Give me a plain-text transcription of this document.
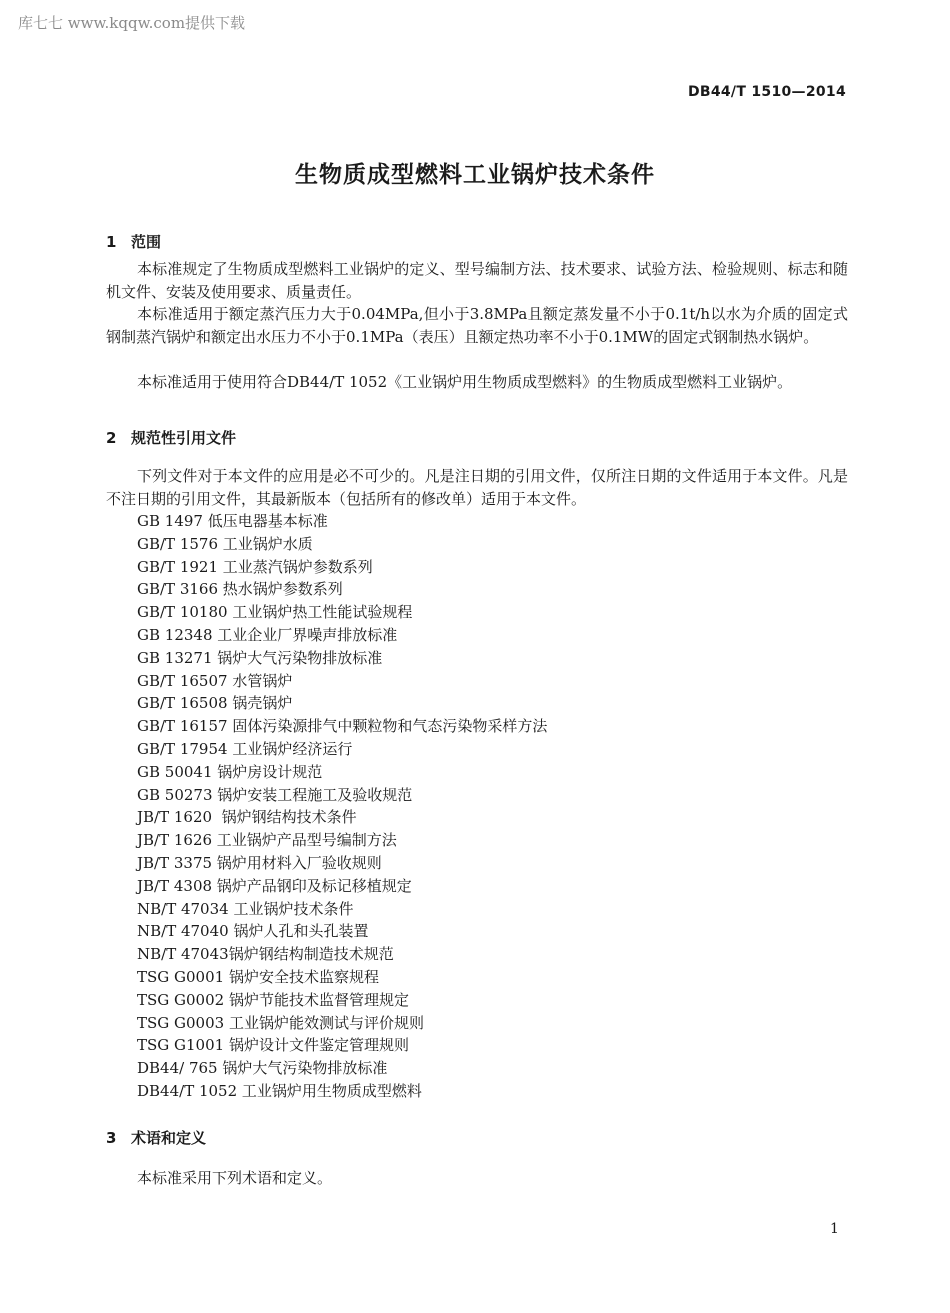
库七七 www.kqqw.com提供下载
DB44/T 1510—2014
生物质成型燃料工业锅炉技术条件
1 范围

本标准规定了生物质成型燃料工业锅炉的定义、型号编制方法、技术要求、试验方法、检验规则、标志和随机文件、安装及使用要求、质量责任。

本标准适用于额定蒸汽压力大于0.04MPa,但小于3.8MPa且额定蒸发量不小于0.1t/h以水为介质的固定式钢制蒸汽锅炉和额定出水压力不小于0.1MPa（表压）且额定热功率不小于0.1MW的固定式钢制热水锅炉。

本标准适用于使用符合DB44/T 1052《工业锅炉用生物质成型燃料》的生物质成型燃料工业锅炉。

2 规范性引用文件

下列文件对于本文件的应用是必不可少的。凡是注日期的引用文件，仅所注日期的文件适用于本文件。凡是不注日期的引用文件，其最新版本（包括所有的修改单）适用于本文件。

GB 1497 低压电器基本标准
GB/T 1576 工业锅炉水质
GB/T 1921 工业蒸汽锅炉参数系列
GB/T 3166 热水锅炉参数系列
GB/T 10180 工业锅炉热工性能试验规程
GB 12348 工业企业厂界噪声排放标准
GB 13271 锅炉大气污染物排放标准
GB/T 16507 水管锅炉
GB/T 16508 锅壳锅炉
GB/T 16157 固体污染源排气中颗粒物和气态污染物采样方法
GB/T 17954 工业锅炉经济运行
GB 50041 锅炉房设计规范
GB 50273 锅炉安装工程施工及验收规范
JB/T 1620  锅炉钢结构技术条件
JB/T 1626 工业锅炉产品型号编制方法
JB/T 3375 锅炉用材料入厂验收规则
JB/T 4308 锅炉产品钢印及标记移植规定
NB/T 47034 工业锅炉技术条件
NB/T 47040 锅炉人孔和头孔装置
NB/T 47043锅炉钢结构制造技术规范
TSG G0001 锅炉安全技术监察规程
TSG G0002 锅炉节能技术监督管理规定
TSG G0003 工业锅炉能效测试与评价规则
TSG G1001 锅炉设计文件鉴定管理规则
DB44/ 765 锅炉大气污染物排放标准
DB44/T 1052 工业锅炉用生物质成型燃料
3 术语和定义

本标准采用下列术语和定义。

1
